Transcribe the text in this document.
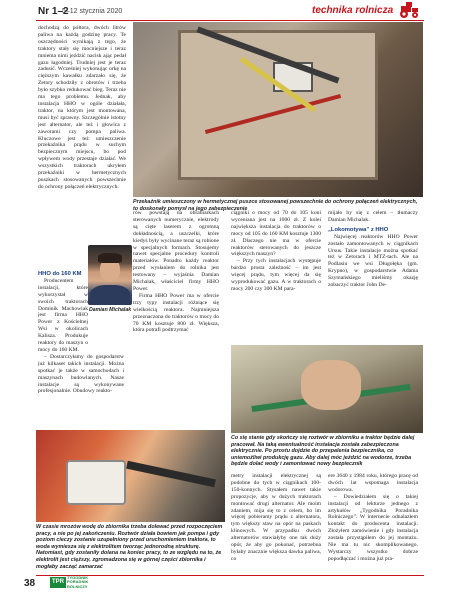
Nr 1–2
5–12 stycznia 2020	technika rolnicza
Przekaźnik umieszczony w hermetycznej puszce stosowanej powszechnie do ochrony połączeń elektrycznych, to doskonały pomysł na jego zabezpieczenie

dochodzą do półtora, dwóch litrów paliwa na każdą godzinę pracy. Te oszczędności wynikają z tego, że traktory stały się mocniejsze i teraz mniema nimi jeździć nacisk ając pedał gazu łagodniej. Trudniej jest je teraz zadusić. Wcześniej wykonując orkę na cięższym kawałku zdarzało się, że Zetory schodziły z obrotów i trzeba było szybko redukować bieg. Teraz nie ma tego problemu. Jednak, aby instalacja HHO w ogóle działała, traktor, na którym jest montowana, musi być sprawny. Szczególnie istotny jest alternator, ale też i głowica z zaworami czy pompa paliwa. Kluczowe jest też umieszczenie przekaźnika prądu w suchym bezpiecznym miejscu, bo pod wpływem wody przestaje działać. We wszystkich traktorach ukryłem przekaźniki w hermetycznych puszkach stosowanych powszechnie do ochrony połączeń elektrycznych.

Damian Michalak

HHO do 160 KM

Producentem instalacji, które wykorzystał w swoich traktorach Dominik Machowiak jest firma HHO Power z Kościelnej Wsi w okolicach Kalisza. Produkuje reaktory do maszyn o mocy do 160 KM.

– Dostarczyłamy do gospodarstw już kilkaset takich instalacji. Można spotkać je także w samochodach i maszynach budowlanych. Nasze instalacje są wykonywane profesjonalnie. Obudowy reakto-

rów powstają na obrabiarkach sterowanych numerycznie, elektrody są cięte laserem z ogromną dokładnością, a uszczelki, które kiedyś były wycinane teraz są robione w specjalnych formach. Stosujemy nawet specjalne procedury kontroli materiałów. Ponadto każdy reaktor przed wysłaniem do rolnika jest testowany – wyjaśnia Damian Michalak, właściciel firmy HHO Power.

Firma HHO Power ma w ofercie trzy typy instalacji różniące się wielkością reaktora. Najmniejsza przeznaczona do traktorów o mocy do 70 KM kosztuje 800 zł. Większa, która potrafi podtrzymać

ciągniki o mocy od 70 do 105 koni wyceniana jest na 1000 zł. Z kolei największa instalacja do traktorów o mocy od 105 do 160 KM kosztuje 1300 zł. Dlaczego nie ma w ofercie reaktorów sterowanych do jeszcze większych maszyn?

– Przy tych instalacjach występuje bardzo prosta zależność – im jest więcej prądu, tym więcej da się wyprodukować gazu. A w traktorach o mocy 200 czy 300 KM para-

mijało by się z celem – tłumaczy Damian Michalak.

„Lokomotywa” z HHO

Najwięcej reaktorów HHO Power zostało zamontowanych w ciągnikach Ursus. Takie instalacje można spotkać też w Zetorach i MTZ-tach. Ale na Podlasiu we wsi Długołęka (gm. Krypno), w gospodarstwie Adama Szymańskiego mieliśmy okazję zobaczyć traktor John De-

Co się stanie gdy skończy się roztwór w zbiorniku a traktor będzie dalej pracował. Na taką ewentualność instalacja została zabezpieczona elektrycznie. Po prostu dojdzie do przepalenia bezpiecznika, co uniemożliwi produkcję gazu. Aby dalej móc jeździć na wodorze, trzeba będzie dolać wody i zamontować nowy bezpiecznik
W czasie mrozów wodę do zbiornika trzeba dolewać przed rozpoczęciem pracy, a nie po jej zakończeniu. Roztwór działa bowiem jak pompa i gdy poziom cieczy zostanie uzupełniony przed uruchomieniem traktora, to woda wymiesza się z elektrolitem tworząc jednorodną strukturę. Natomiast, gdy zostaniły dolana na koniec pracy, to ze względu na to, że elektrolit jest cięższy, zgromadzona się w górnej części zbiornika i mogłaby zacząć zamarzać

metry instalacji elektrycznej są podobne do tych w ciągnikach 100-150-konnych. Stysałem nawet takie propozycje, aby w dużych traktorach montować drugi alternator. Ale moim zdaniem, mija się to z celem, bo im więcej pobieramy prądu z alternatora, tym większy staw na opór na paskach klinowych. W przypadku dwóch alternatorów stawiałyby one tak duży opór, że aby go pokonać, potrzebna byłaby znacznie większa dawka paliwa, co

ere 3640 z 1984 roku, którego pracę od dwóch lat wspomaga instalacja wodorowa.

– Dowiedziałem się o takiej instalacji od lekturze jednego z artykułów „Tygodnika Poradnika Rolniczego”. W internecie odnalazłem kontakt do producenta instalacji. Złożyłem zamówienie i gdy instalacja została przystąpiłem do jej montażu. Nie ma tu nic skomplikowanego. Wystarczy wszystko dobrze popodłączać i można już pra-

38	TPR
TYGODNIK PORADNIK ROLNICZY
